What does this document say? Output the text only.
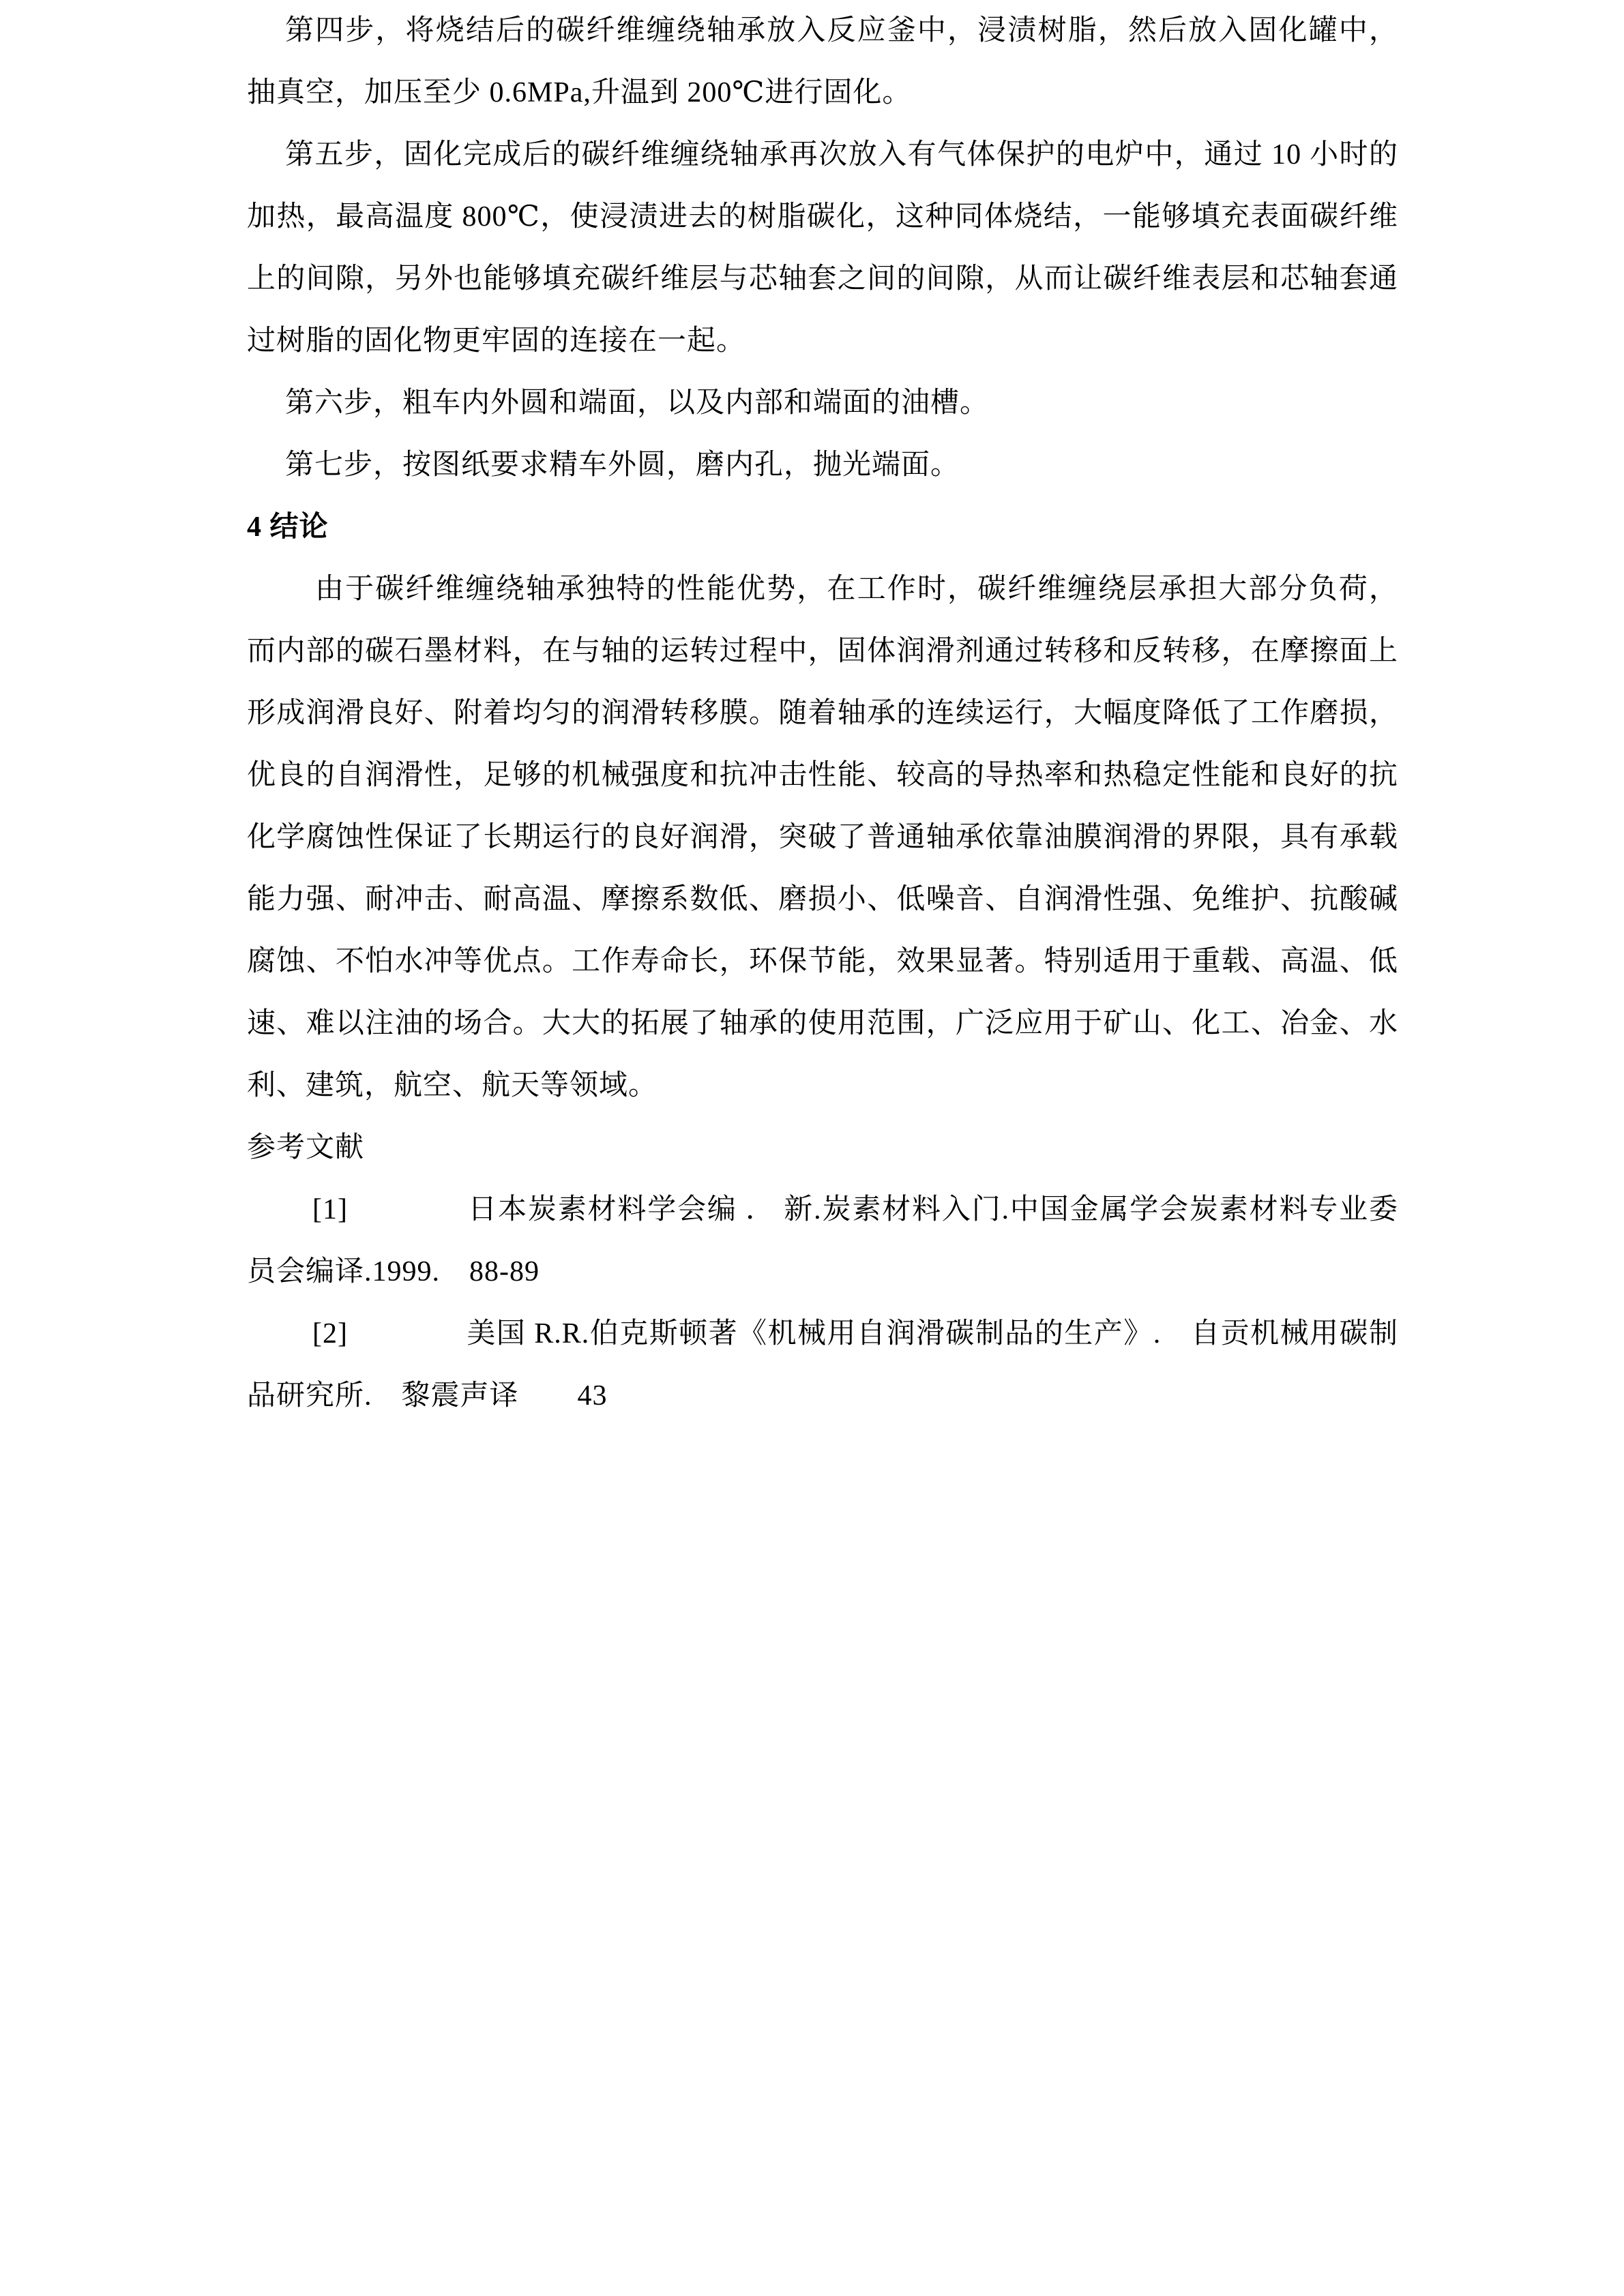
第四步，将烧结后的碳纤维缠绕轴承放入反应釜中，浸渍树脂，然后放入固化罐中，抽真空，加压至少 0.6MPa,升温到 200℃进行固化。

第五步，固化完成后的碳纤维缠绕轴承再次放入有气体保护的电炉中，通过 10 小时的加热，最高温度 800℃，使浸渍进去的树脂碳化，这种同体烧结，一能够填充表面碳纤维上的间隙，另外也能够填充碳纤维层与芯轴套之间的间隙，从而让碳纤维表层和芯轴套通过树脂的固化物更牢固的连接在一起。

第六步，粗车内外圆和端面，以及内部和端面的油槽。

第七步，按图纸要求精车外圆，磨内孔，抛光端面。

4 结论

由于碳纤维缠绕轴承独特的性能优势，在工作时，碳纤维缠绕层承担大部分负荷，而内部的碳石墨材料，在与轴的运转过程中，固体润滑剂通过转移和反转移，在摩擦面上形成润滑良好、附着均匀的润滑转移膜。随着轴承的连续运行，大幅度降低了工作磨损，优良的自润滑性，足够的机械强度和抗冲击性能、较高的导热率和热稳定性能和良好的抗化学腐蚀性保证了长期运行的良好润滑，突破了普通轴承依靠油膜润滑的界限，具有承载能力强、耐冲击、耐高温、摩擦系数低、磨损小、低噪音、自润滑性强、免维护、抗酸碱腐蚀、不怕水冲等优点。工作寿命长，环保节能，效果显著。特别适用于重载、高温、低速、难以注油的场合。大大的拓展了轴承的使用范围，广泛应用于矿山、化工、冶金、水利、建筑，航空、航天等领域。

参考文献

[1]　　　　日本炭素材料学会编 ． 新.炭素材料入门.中国金属学会炭素材料专业委员会编译.1999.　88-89

[2]　　　　美国 R.R.伯克斯顿著《机械用自润滑碳制品的生产》.　自贡机械用碳制品研究所.　黎震声译　　43
